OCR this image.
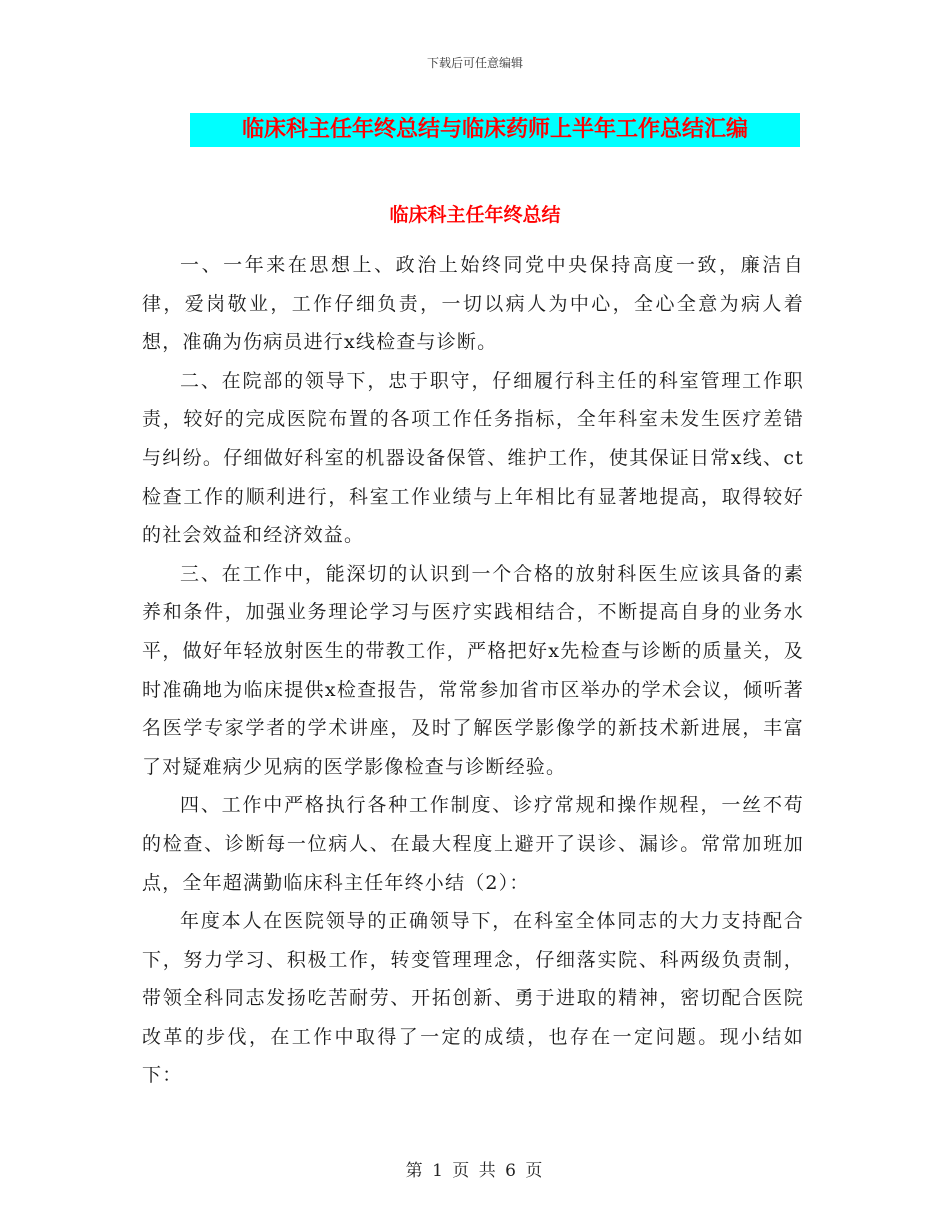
下载后可任意编辑
临床科主任年终总结与临床药师上半年工作总结汇编
临床科主任年终总结

一、一年来在思想上、政治上始终同党中央保持高度一致，廉洁自律，爱岗敬业，工作仔细负责，一切以病人为中心，全心全意为病人着想，准确为伤病员进行x线检查与诊断。

二、在院部的领导下，忠于职守，仔细履行科主任的科室管理工作职责，较好的完成医院布置的各项工作任务指标，全年科室未发生医疗差错与纠纷。仔细做好科室的机器设备保管、维护工作，使其保证日常x线、ct检查工作的顺利进行，科室工作业绩与上年相比有显著地提高，取得较好的社会效益和经济效益。

三、在工作中，能深切的认识到一个合格的放射科医生应该具备的素养和条件，加强业务理论学习与医疗实践相结合，不断提高自身的业务水平，做好年轻放射医生的带教工作，严格把好x先检查与诊断的质量关，及时准确地为临床提供x检查报告，常常参加省市区举办的学术会议，倾听著名医学专家学者的学术讲座，及时了解医学影像学的新技术新进展，丰富了对疑难病少见病的医学影像检查与诊断经验。

四、工作中严格执行各种工作制度、诊疗常规和操作规程，一丝不苟的检查、诊断每一位病人、在最大程度上避开了误诊、漏诊。常常加班加点，全年超满勤临床科主任年终小结（2）：

年度本人在医院领导的正确领导下，在科室全体同志的大力支持配合下，努力学习、积极工作，转变管理理念，仔细落实院、科两级负责制，带领全科同志发扬吃苦耐劳、开拓创新、勇于进取的精神，密切配合医院改革的步伐，在工作中取得了一定的成绩，也存在一定问题。现小结如下：

第 1 页 共 6 页
